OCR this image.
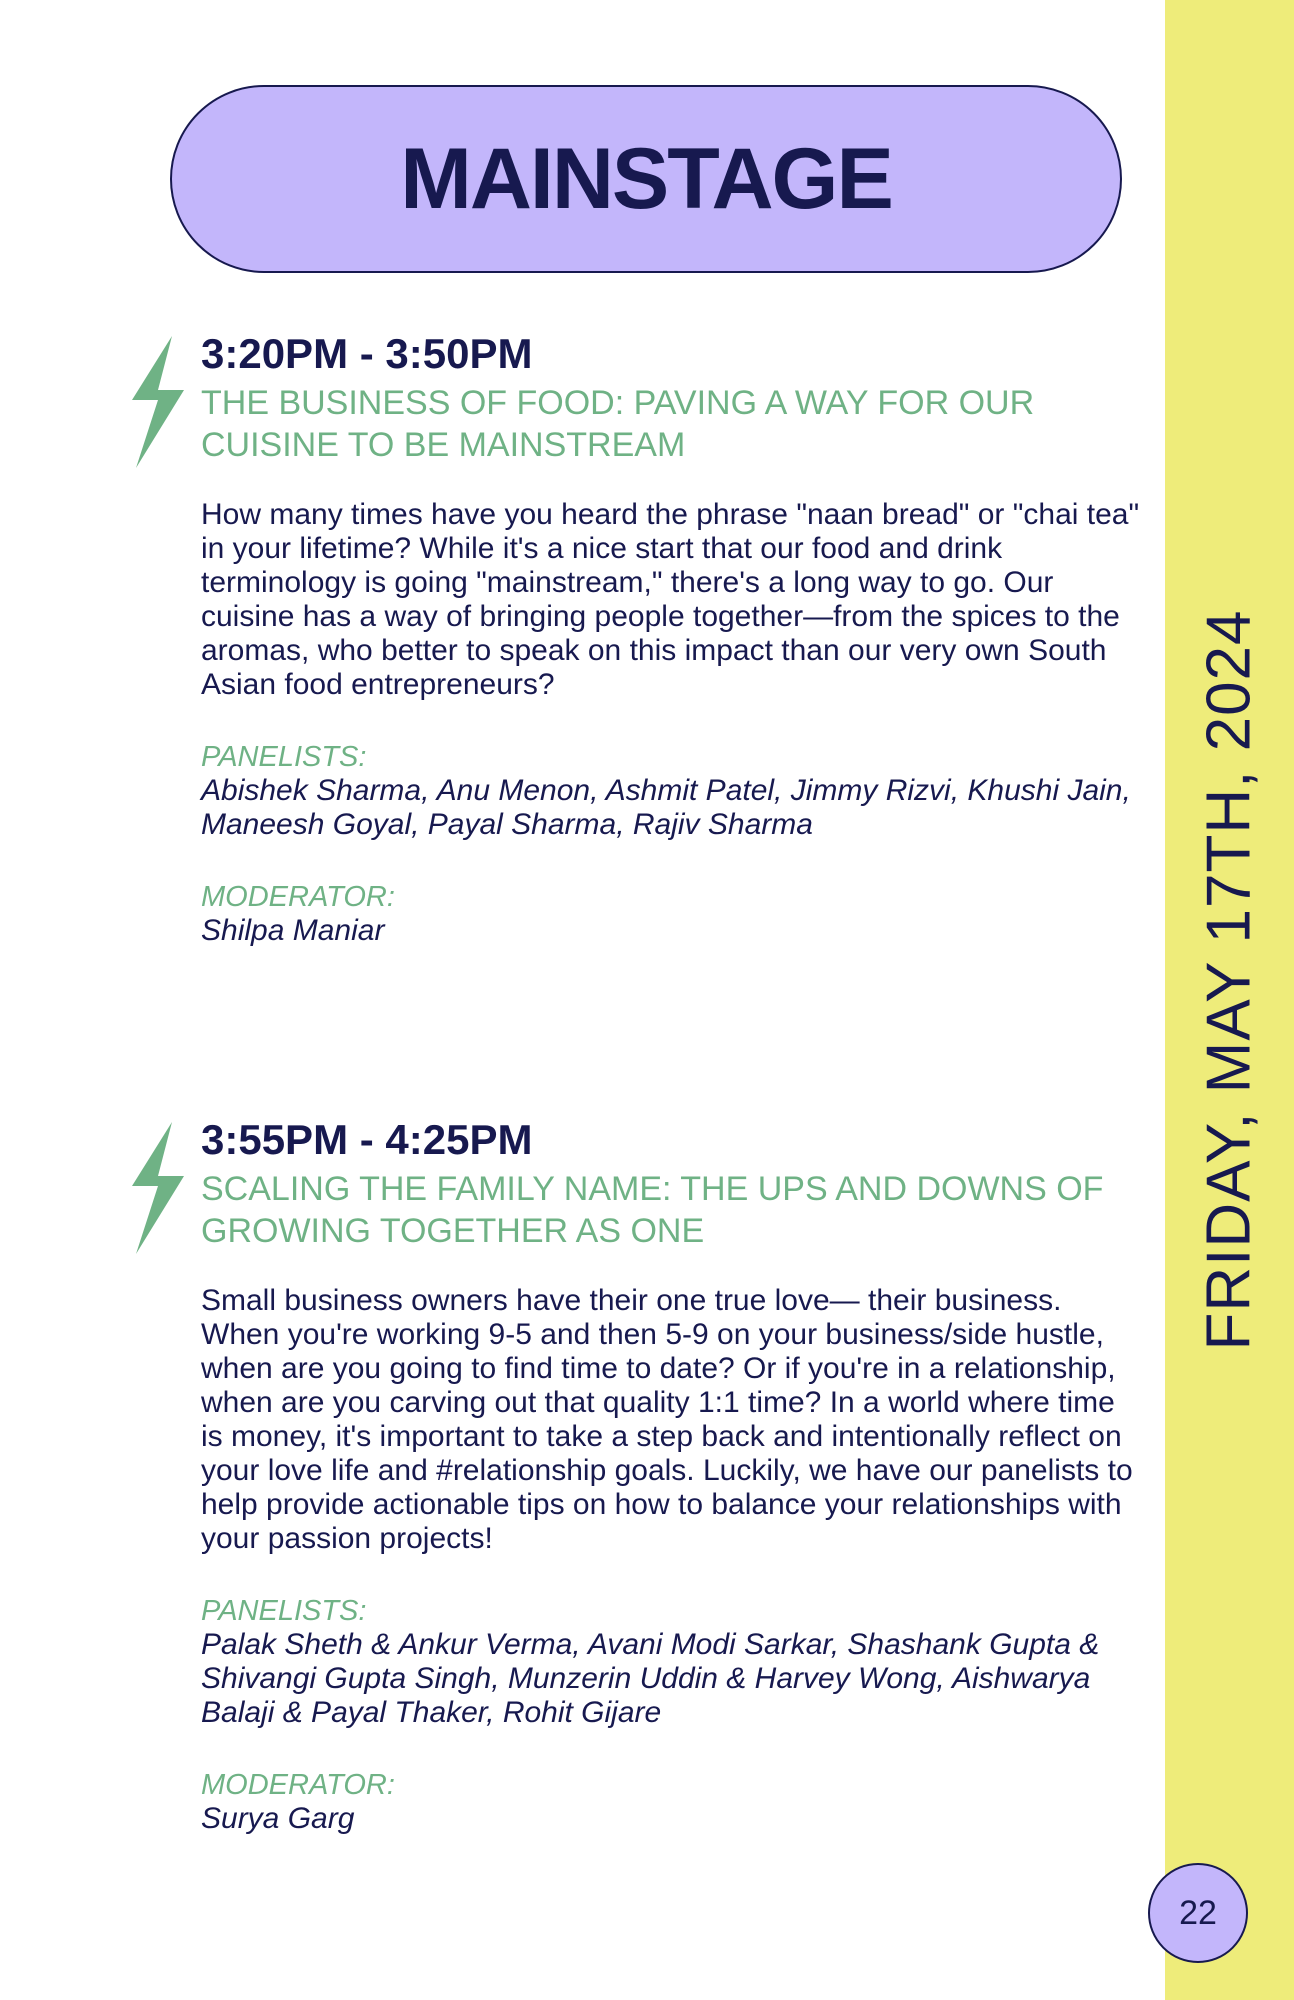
FRIDAY, MAY 17TH, 2024
22
MAINSTAGE

3:20PM - 3:50PM

THE BUSINESS OF FOOD: PAVING A WAY FOR OUR CUISINE TO BE MAINSTREAM

How many times have you heard the phrase "naan bread" or "chai tea" in your lifetime? While it's a nice start that our food and drink terminology is going "mainstream," there's a long way to go. Our cuisine has a way of bringing people together—from the spices to the aromas, who better to speak on this impact than our very own South Asian food entrepreneurs?

PANELISTS:

Abishek Sharma, Anu Menon, Ashmit Patel, Jimmy Rizvi, Khushi Jain, Maneesh Goyal, Payal Sharma, Rajiv Sharma

MODERATOR:

Shilpa Maniar

3:55PM - 4:25PM

SCALING THE FAMILY NAME: THE UPS AND DOWNS OF GROWING TOGETHER AS ONE

Small business owners have their one true love— their business. When you're working 9-5 and then 5-9 on your business/side hustle, when are you going to find time to date? Or if you're in a relationship, when are you carving out that quality 1:1 time? In a world where time is money, it's important to take a step back and intentionally reflect on your love life and #relationship goals. Luckily, we have our panelists to help provide actionable tips on how to balance your relationships with your passion projects!

PANELISTS:

Palak Sheth & Ankur Verma, Avani Modi Sarkar, Shashank Gupta & Shivangi Gupta Singh, Munzerin Uddin & Harvey Wong, Aishwarya Balaji & Payal Thaker, Rohit Gijare

MODERATOR:

Surya Garg
